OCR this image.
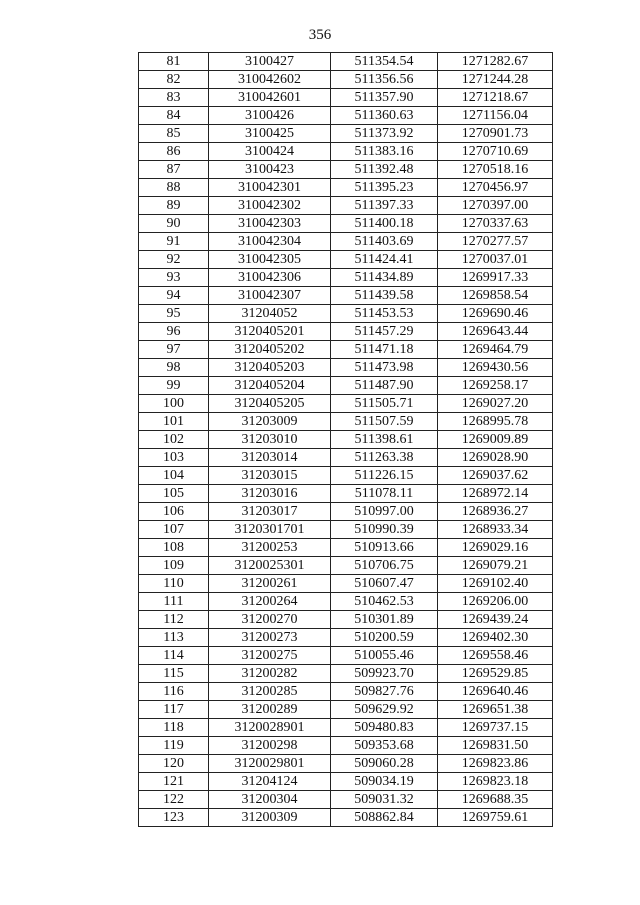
356
81	3100427	511354.54	1271282.67
82	310042602	511356.56	1271244.28
83	310042601	511357.90	1271218.67
84	3100426	511360.63	1271156.04
85	3100425	511373.92	1270901.73
86	3100424	511383.16	1270710.69
87	3100423	511392.48	1270518.16
88	310042301	511395.23	1270456.97
89	310042302	511397.33	1270397.00
90	310042303	511400.18	1270337.63
91	310042304	511403.69	1270277.57
92	310042305	511424.41	1270037.01
93	310042306	511434.89	1269917.33
94	310042307	511439.58	1269858.54
95	31204052	511453.53	1269690.46
96	3120405201	511457.29	1269643.44
97	3120405202	511471.18	1269464.79
98	3120405203	511473.98	1269430.56
99	3120405204	511487.90	1269258.17
100	3120405205	511505.71	1269027.20
101	31203009	511507.59	1268995.78
102	31203010	511398.61	1269009.89
103	31203014	511263.38	1269028.90
104	31203015	511226.15	1269037.62
105	31203016	511078.11	1268972.14
106	31203017	510997.00	1268936.27
107	3120301701	510990.39	1268933.34
108	31200253	510913.66	1269029.16
109	3120025301	510706.75	1269079.21
110	31200261	510607.47	1269102.40
111	31200264	510462.53	1269206.00
112	31200270	510301.89	1269439.24
113	31200273	510200.59	1269402.30
114	31200275	510055.46	1269558.46
115	31200282	509923.70	1269529.85
116	31200285	509827.76	1269640.46
117	31200289	509629.92	1269651.38
118	3120028901	509480.83	1269737.15
119	31200298	509353.68	1269831.50
120	3120029801	509060.28	1269823.86
121	31204124	509034.19	1269823.18
122	31200304	509031.32	1269688.35
123	31200309	508862.84	1269759.61
